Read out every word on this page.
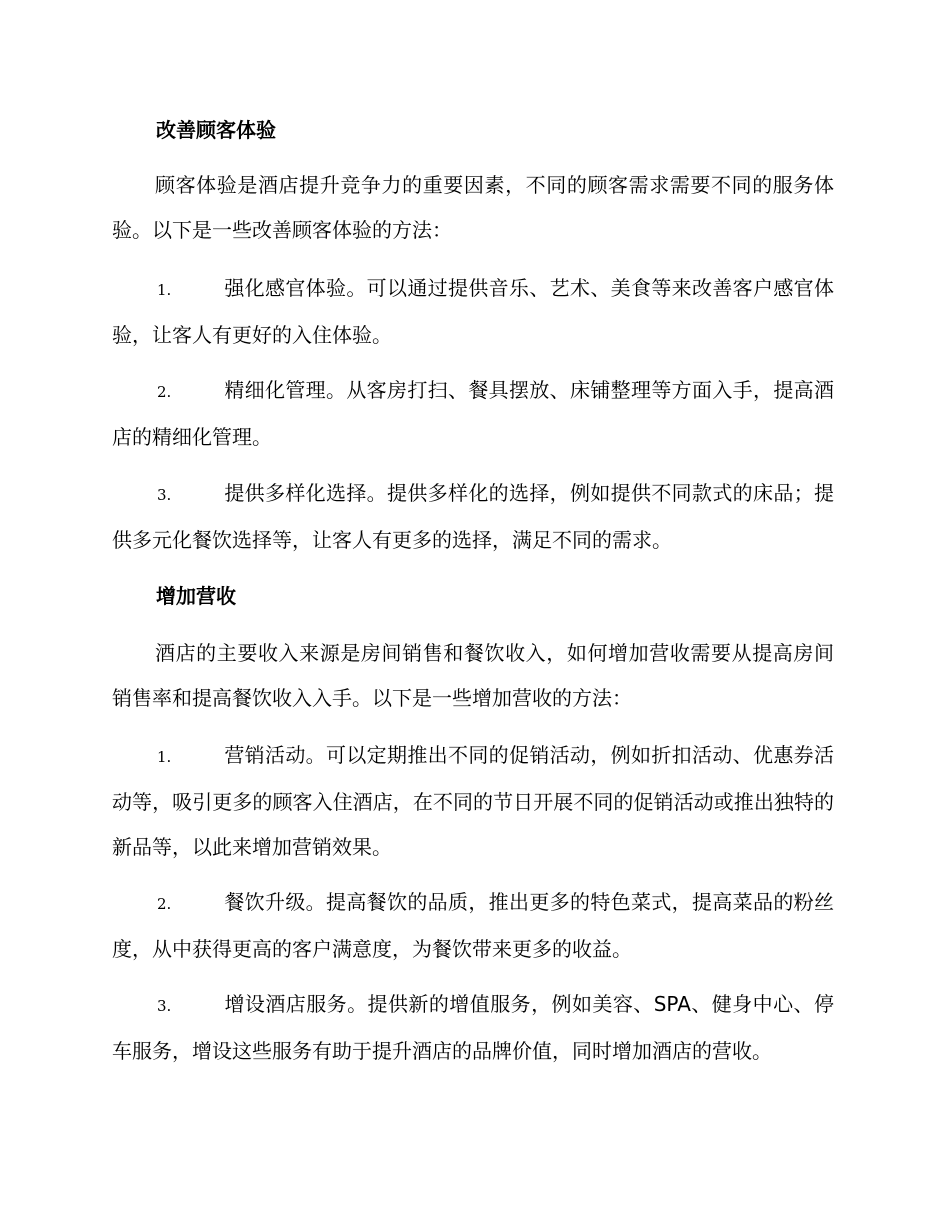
改善顾客体验
顾客体验是酒店提升竞争力的重要因素，不同的顾客需求需要不同的服务体验。以下是一些改善顾客体验的方法：
1.	强化感官体验。可以通过提供音乐、艺术、美食等来改善客户感官体验，让客人有更好的入住体验。
2.	精细化管理。从客房打扫、餐具摆放、床铺整理等方面入手，提高酒店的精细化管理。
3.	提供多样化选择。提供多样化的选择，例如提供不同款式的床品；提供多元化餐饮选择等，让客人有更多的选择，满足不同的需求。
增加营收
酒店的主要收入来源是房间销售和餐饮收入，如何增加营收需要从提高房间销售率和提高餐饮收入入手。以下是一些增加营收的方法：
1.	营销活动。可以定期推出不同的促销活动，例如折扣活动、优惠券活动等，吸引更多的顾客入住酒店，在不同的节日开展不同的促销活动或推出独特的新品等，以此来增加营销效果。
2.	餐饮升级。提高餐饮的品质，推出更多的特色菜式，提高菜品的粉丝度，从中获得更高的客户满意度，为餐饮带来更多的收益。
3.	增设酒店服务。提供新的增值服务，例如美容、SPA、健身中心、停车服务，增设这些服务有助于提升酒店的品牌价值，同时增加酒店的营收。
